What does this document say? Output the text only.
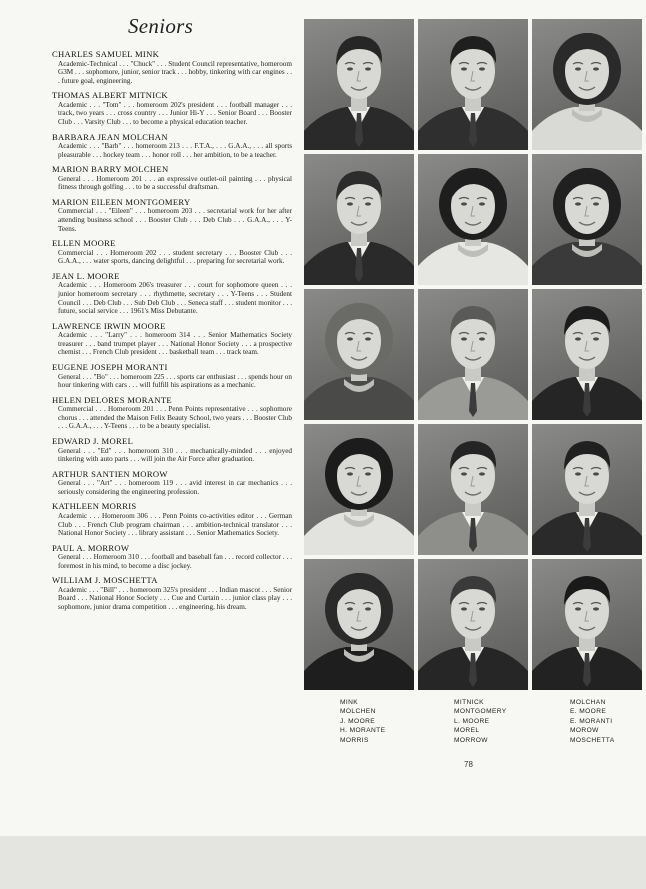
Seniors
CHARLES SAMUEL MINK
Academic-Technical . . . "Chuck" . . . Student Council representative, homeroom G3M . . . sophomore, junior, senior track . . . hobby, tinkering with car engines . . . future goal, engineering.
THOMAS ALBERT MITNICK
Academic . . . "Tom" . . . homeroom 202's president . . . football manager . . . track, two years . . . cross country . . . Junior Hi-Y . . . Senior Board . . . Booster Club . . . Varsity Club . . . to become a physical education teacher.
BARBARA JEAN MOLCHAN
Academic . . . "Barb" . . . homeroom 213 . . . F.T.A., . . . G.A.A., . . . all sports pleasurable . . . hockey team . . . honor roll . . . her ambition, to be a teacher.
MARION BARRY MOLCHEN
General . . . Homeroom 201 . . . an expressive outlet-oil painting . . . physical fitness through golfing . . . to be a successful draftsman.
MARION EILEEN MONTGOMERY
Commercial . . . "Eileen" . . . homeroom 203 . . . secretarial work for her after attending business school . . . Booster Club . . . Deb Club . . . G.A.A., . . . Y-Teens.
ELLEN MOORE
Commercial . . . Homeroom 202 . . . student secretary . . . Booster Club . . . G.A.A., . . . water sports, dancing delightful . . . preparing for secretarial work.
JEAN L. MOORE
Academic . . . Homeroom 206's treasurer . . . court for sophomore queen . . . junior homeroom secretary . . . rhythmette, secretary . . . Y-Teens . . . Student Council . . . Deb Club . . . Sub Deb Club . . . Seneca staff . . . student monitor . . . future, social service . . . 1961's Miss Debutante.
LAWRENCE IRWIN MOORE
Academic . . . "Larry" . . . homeroom 314 . . . Senior Mathematics Society treasurer . . . band trumpet player . . . National Honor Society . . . a prospective chemist . . . French Club president . . . basketball team . . . track team.
EUGENE JOSEPH MORANTI
General . . . "Bo" . . . homeroom 225 . . . sports car enthusiast . . . spends hour on hour tinkering with cars . . . will fulfill his aspirations as a mechanic.
HELEN DELORES MORANTE
Commercial . . . Homeroom 201 . . . Penn Points representative . . . sophomore chorus . . . attended the Maison Felix Beauty School, two years . . . Booster Club . . . G.A.A., . . . Y-Teens . . . to be a beauty specialist.
EDWARD J. MOREL
General . . . "Ed" . . . homeroom 310 . . . mechanically-minded . . . enjoyed tinkering with auto parts . . . will join the Air Force after graduation.
ARTHUR SANTIEN MOROW
General . . . "Art" . . . homeroom 119 . . . avid interest in car mechanics . . . seriously considering the engineering profession.
KATHLEEN MORRIS
Academic . . . Homeroom 306 . . . Penn Points co-activities editor . . . German Club . . . French Club program chairman . . . ambition-technical translator . . . National Honor Society . . . library assistant . . . Senior Mathematics Society.
PAUL A. MORROW
General . . . Homeroom 310 . . . football and baseball fan . . . record collector . . . foremost in his mind, to become a disc jockey.
WILLIAM J. MOSCHETTA
Academic . . . "Bill" . . . homeroom 325's president . . . Indian mascot . . . Senior Board . . . National Honor Society . . . Cue and Curtain . . . junior class play . . . sophomore, junior drama competition . . . engineering, his dream.
MINK
MOLCHEN
J. MOORE
H. MORANTE
MORRIS
MITNICK
MONTGOMERY
L. MOORE
MOREL
MORROW
MOLCHAN
E. MOORE
E. MORANTI
MOROW
MOSCHETTA
78
